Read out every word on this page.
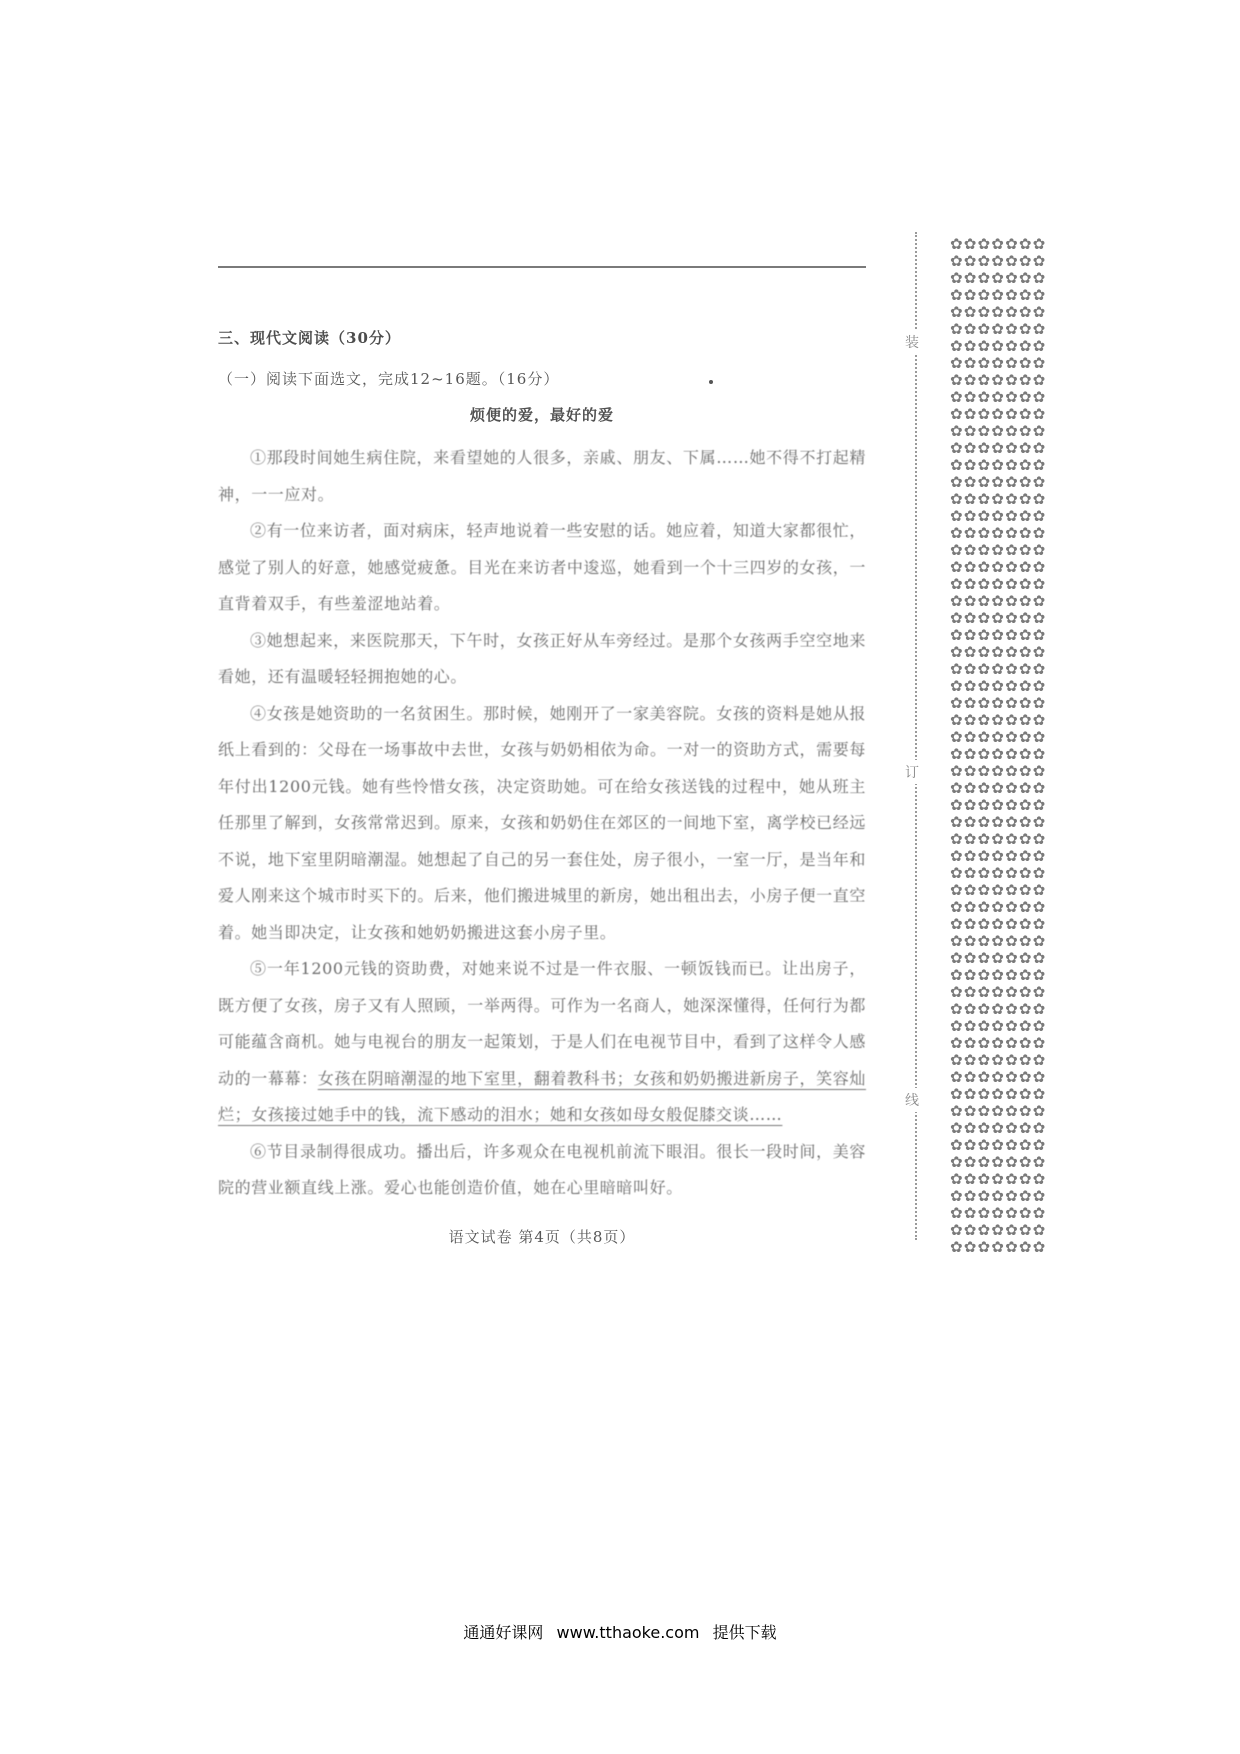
三、现代文阅读（30分）
（一）阅读下面选文，完成12~16题。（16分）
烦便的爱，最好的爱

①那段时间她生病住院，来看望她的人很多，亲戚、朋友、下属……她不得不打起精神，一一应对。

②有一位来访者，面对病床，轻声地说着一些安慰的话。她应着，知道大家都很忙，感觉了别人的好意，她感觉疲惫。目光在来访者中逡巡，她看到一个十三四岁的女孩，一直背着双手，有些羞涩地站着。

③她想起来，来医院那天，下午时，女孩正好从车旁经过。是那个女孩两手空空地来看她，还有温暖轻轻拥抱她的心。

④女孩是她资助的一名贫困生。那时候，她刚开了一家美容院。女孩的资料是她从报纸上看到的：父母在一场事故中去世，女孩与奶奶相依为命。一对一的资助方式，需要每年付出1200元钱。她有些怜惜女孩，决定资助她。可在给女孩送钱的过程中，她从班主任那里了解到，女孩常常迟到。原来，女孩和奶奶住在郊区的一间地下室，离学校已经远不说，地下室里阴暗潮湿。她想起了自己的另一套住处，房子很小，一室一厅，是当年和爱人刚来这个城市时买下的。后来，他们搬进城里的新房，她出租出去，小房子便一直空着。她当即决定，让女孩和她奶奶搬进这套小房子里。

⑤一年1200元钱的资助费，对她来说不过是一件衣服、一顿饭钱而已。让出房子，既方便了女孩，房子又有人照顾，一举两得。可作为一名商人，她深深懂得，任何行为都可能蕴含商机。她与电视台的朋友一起策划，于是人们在电视节目中，看到了这样令人感动的一幕幕：女孩在阴暗潮湿的地下室里，翻着教科书；女孩和奶奶搬进新房子，笑容灿烂；女孩接过她手中的钱，流下感动的泪水；她和女孩如母女般促膝交谈……

⑥节目录制得很成功。播出后，许多观众在电视机前流下眼泪。很长一段时间，美容院的营业额直线上涨。爱心也能创造价值，她在心里暗暗叫好。

语文试卷 第4页（共8页）
装
订
线
✿✿✿✿✿✿✿
✿✿✿✿✿✿✿
✿✿✿✿✿✿✿
✿✿✿✿✿✿✿
✿✿✿✿✿✿✿
✿✿✿✿✿✿✿
✿✿✿✿✿✿✿
✿✿✿✿✿✿✿
✿✿✿✿✿✿✿
✿✿✿✿✿✿✿
✿✿✿✿✿✿✿
✿✿✿✿✿✿✿
✿✿✿✿✿✿✿
✿✿✿✿✿✿✿
✿✿✿✿✿✿✿
✿✿✿✿✿✿✿
✿✿✿✿✿✿✿
✿✿✿✿✿✿✿
✿✿✿✿✿✿✿
✿✿✿✿✿✿✿
✿✿✿✿✿✿✿
✿✿✿✿✿✿✿
✿✿✿✿✿✿✿
✿✿✿✿✿✿✿
✿✿✿✿✿✿✿
✿✿✿✿✿✿✿
✿✿✿✿✿✿✿
✿✿✿✿✿✿✿
✿✿✿✿✿✿✿
✿✿✿✿✿✿✿
✿✿✿✿✿✿✿
✿✿✿✿✿✿✿
✿✿✿✿✿✿✿
✿✿✿✿✿✿✿
✿✿✿✿✿✿✿
✿✿✿✿✿✿✿
✿✿✿✿✿✿✿
✿✿✿✿✿✿✿
✿✿✿✿✿✿✿
✿✿✿✿✿✿✿
✿✿✿✿✿✿✿
✿✿✿✿✿✿✿
✿✿✿✿✿✿✿
✿✿✿✿✿✿✿
✿✿✿✿✿✿✿
✿✿✿✿✿✿✿
✿✿✿✿✿✿✿
✿✿✿✿✿✿✿
✿✿✿✿✿✿✿
✿✿✿✿✿✿✿
✿✿✿✿✿✿✿
✿✿✿✿✿✿✿
✿✿✿✿✿✿✿
✿✿✿✿✿✿✿
✿✿✿✿✿✿✿
✿✿✿✿✿✿✿
✿✿✿✿✿✿✿
✿✿✿✿✿✿✿
✿✿✿✿✿✿✿
✿✿✿✿✿✿✿
通通好课网 www.tthaoke.com 提供下载
